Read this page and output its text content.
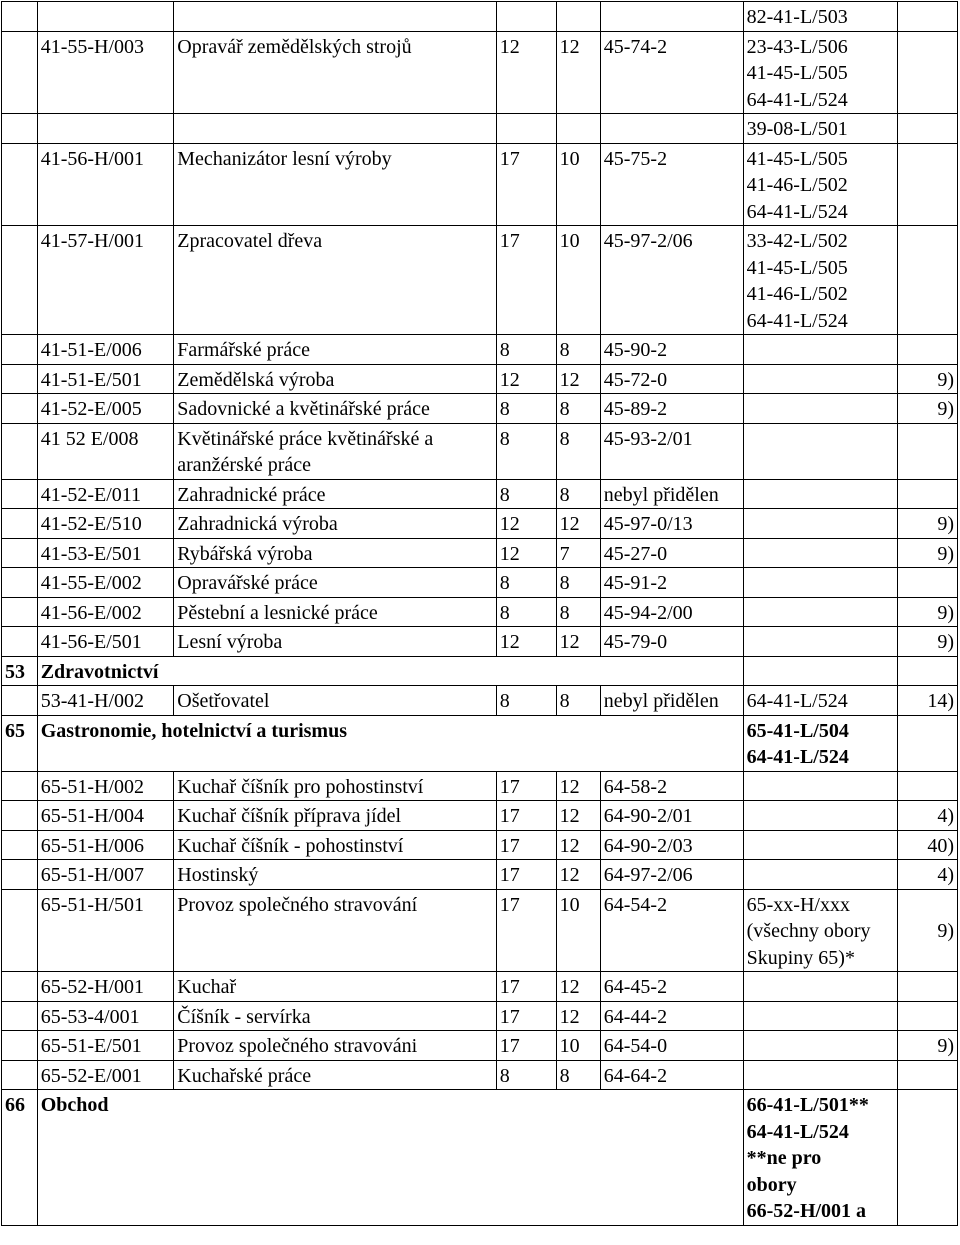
						82-41-L/503	

	41-55-H/003	Opravář zemědělských strojů	12	12	45-74-2	23-43-L/506
41-45-L/505
64-41-L/524	

						39-08-L/501	

	41-56-H/001	Mechanizátor lesní výroby	17	10	45-75-2	41-45-L/505
41-46-L/502
64-41-L/524	

	41-57-H/001	Zpracovatel dřeva	17	10	45-97-2/06	33-42-L/502
41-45-L/505
41-46-L/502
64-41-L/524	

	41-51-E/006	Farmářské práce	8	8	45-90-2		
	41-51-E/501	Zemědělská výroba	12	12	45-72-0		9)
	41-52-E/005	Sadovnické a květinářské práce	8	8	45-89-2		9)
	41 52 E/008	Květinářské práce květinářské a aranžérské práce	8	8	45-93-2/01		
	41-52-E/011	Zahradnické práce	8	8	nebyl přidělen		
	41-52-E/510	Zahradnická výroba	12	12	45-97-0/13		9)
	41-53-E/501	Rybářská výroba	12	7	45-27-0		9)
	41-55-E/002	Opravářské práce	8	8	45-91-2		
	41-56-E/002	Pěstební a lesnické práce	8	8	45-94-2/00		9)
	41-56-E/501	Lesní výroba	12	12	45-79-0		9)
53	Zdravotnictví						
	53-41-H/002	Ošetřovatel	8	8	nebyl přidělen	64-41-L/524	14)
65	Gastronomie, hotelnictví a turismus					65-41-L/504
64-41-L/524	

	65-51-H/002	Kuchař číšník pro pohostinství	17	12	64-58-2		
	65-51-H/004	Kuchař číšník příprava jídel	17	12	64-90-2/01		4)
	65-51-H/006	Kuchař číšník - pohostinství	17	12	64-90-2/03		40)
	65-51-H/007	Hostinský	17	12	64-97-2/06		4)
	65-51-H/501	Provoz společného stravování	17	10	64-54-2	65-xx-H/xxx
(všechny obory
Skupiny 65)*	9)
	65-52-H/001	Kuchař	17	12	64-45-2		
	65-53-4/001	Číšník - servírka	17	12	64-44-2		
	65-51-E/501	Provoz společného stravováni	17	10	64-54-0		9)
	65-52-E/001	Kuchařské práce	8	8	64-64-2		
66	Obchod					66-41-L/501**
64-41-L/524
**ne pro
obory
66-52-H/001 a	
